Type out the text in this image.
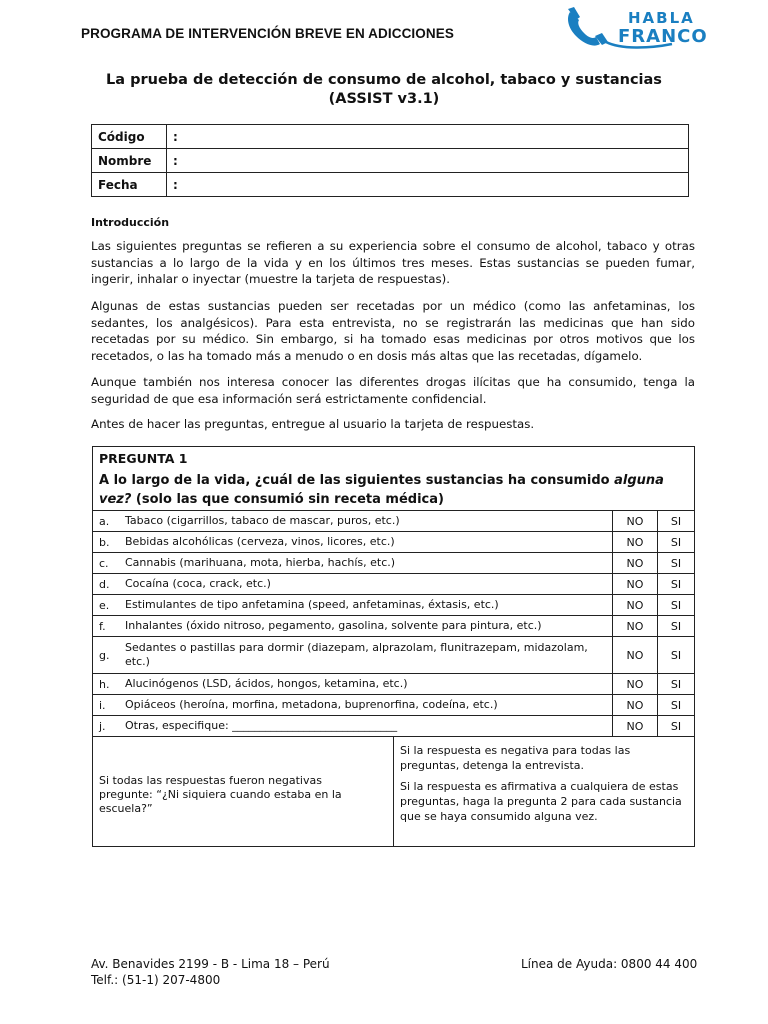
PROGRAMA DE INTERVENCIÓN BREVE EN ADICCIONES
HABLA
FRANCO
La prueba de detección de consumo de alcohol, tabaco y sustancias
(ASSIST v3.1)
Código	:
Nombre	:
Fecha	:
Introducción
Las siguientes preguntas se refieren a su experiencia sobre el consumo de alcohol, tabaco y otras sustancias a lo largo de la vida y en los últimos tres meses. Estas sustancias se pueden fumar, ingerir, inhalar o inyectar (muestre la tarjeta de respuestas).
Algunas de estas sustancias pueden ser recetadas por un médico (como las anfetaminas, los sedantes, los analgésicos). Para esta entrevista, no se registrarán las medicinas que han sido recetadas por su médico. Sin embargo, si ha tomado esas medicinas por otros motivos que los recetados, o las ha tomado más a menudo o en dosis más altas que las recetadas, dígamelo.
Aunque también nos interesa conocer las diferentes drogas ilícitas que ha consumido, tenga la seguridad de que esa información será estrictamente confidencial.
Antes de hacer las preguntas, entregue al usuario la tarjeta de respuestas.
PREGUNTA 1
A lo largo de la vida, ¿cuál de las siguientes sustancias ha consumido alguna vez? (solo las que consumió sin receta médica)
a.	Tabaco (cigarrillos, tabaco de mascar, puros, etc.)	NO	SI
b.	Bebidas alcohólicas (cerveza, vinos, licores, etc.)	NO	SI
c.	Cannabis (marihuana, mota, hierba, hachís, etc.)	NO	SI
d.	Cocaína (coca, crack, etc.)	NO	SI
e.	Estimulantes de tipo anfetamina (speed, anfetaminas, éxtasis, etc.)	NO	SI
f.	Inhalantes (óxido nitroso, pegamento, gasolina, solvente para pintura, etc.)	NO	SI
g.	Sedantes o pastillas para dormir (diazepam, alprazolam, flunitrazepam, midazolam, etc.)	NO	SI
h.	Alucinógenos (LSD, ácidos, hongos, ketamina, etc.)	NO	SI
i.	Opiáceos (heroína, morfina, metadona, buprenorfina, codeína, etc.)	NO	SI
j.	Otras, especifique: ______________________________	NO	SI
Si todas las respuestas fueron negativas pregunte: “¿Ni siquiera cuando estaba en la escuela?”

Si la respuesta es negativa para todas las preguntas, detenga la entrevista.

Si la respuesta es afirmativa a cualquiera de estas preguntas, haga la pregunta 2 para cada sustancia que se haya consumido alguna vez.

Av. Benavides 2199 - B - Lima 18 – Perú
Telf.: (51-1) 207-4800
Línea de Ayuda: 0800 44 400
